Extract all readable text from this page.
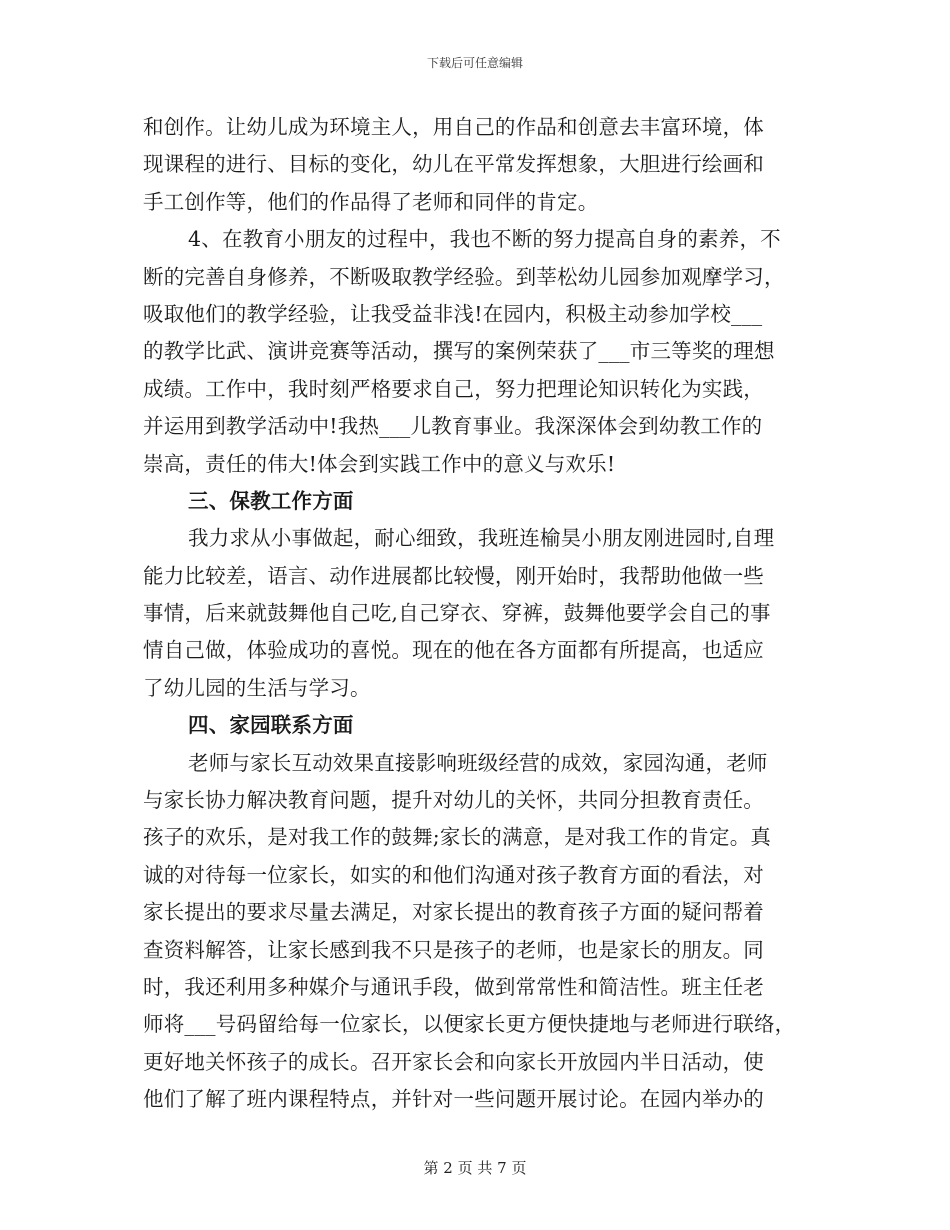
下载后可任意编辑
和创作。让幼儿成为环境主人，用自己的作品和创意去丰富环境，体
现课程的进行、目标的变化，幼儿在平常发挥想象，大胆进行绘画和
手工创作等，他们的作品得了老师和同伴的肯定。
4、在教育小朋友的过程中，我也不断的努力提高自身的素养，不
断的完善自身修养，不断吸取教学经验。到莘松幼儿园参加观摩学习，
吸取他们的教学经验，让我受益非浅!在园内，积极主动参加学校___
的教学比武、演讲竞赛等活动，撰写的案例荣获了___市三等奖的理想
成绩。工作中，我时刻严格要求自己，努力把理论知识转化为实践，
并运用到教学活动中!我热___儿教育事业。我深深体会到幼教工作的
崇高，责任的伟大!体会到实践工作中的意义与欢乐!
三、保教工作方面
我力求从小事做起，耐心细致，我班连榆昊小朋友刚进园时,自理
能力比较差，语言、动作进展都比较慢，刚开始时，我帮助他做一些
事情，后来就鼓舞他自己吃,自己穿衣、穿裤，鼓舞他要学会自己的事
情自己做，体验成功的喜悦。现在的他在各方面都有所提高，也适应
了幼儿园的生活与学习。
四、家园联系方面
老师与家长互动效果直接影响班级经营的成效，家园沟通，老师
与家长协力解决教育问题，提升对幼儿的关怀，共同分担教育责任。
孩子的欢乐，是对我工作的鼓舞;家长的满意，是对我工作的肯定。真
诚的对待每一位家长，如实的和他们沟通对孩子教育方面的看法，对
家长提出的要求尽量去满足，对家长提出的教育孩子方面的疑问帮着
查资料解答，让家长感到我不只是孩子的老师，也是家长的朋友。同
时，我还利用多种媒介与通讯手段，做到常常性和简洁性。班主任老
师将___号码留给每一位家长，以便家长更方便快捷地与老师进行联络，
更好地关怀孩子的成长。召开家长会和向家长开放园内半日活动，使
他们了解了班内课程特点，并针对一些问题开展讨论。在园内举办的
第 2 页 共 7 页
